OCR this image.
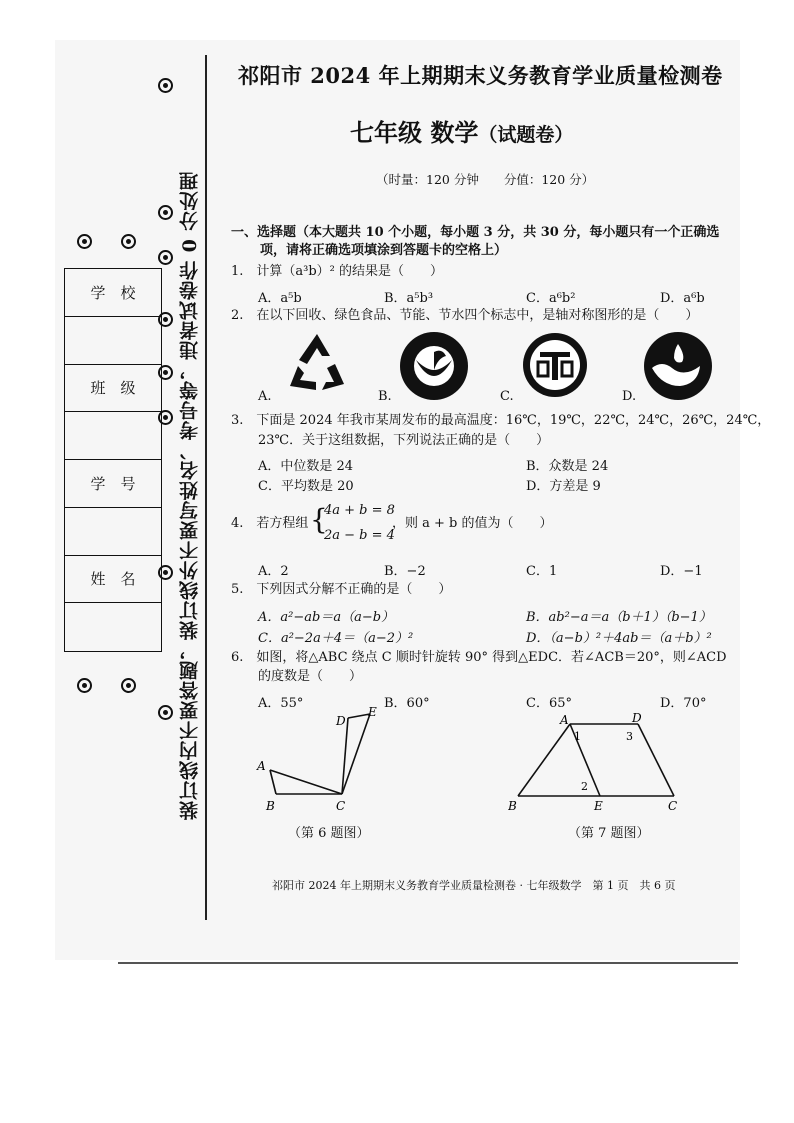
装订线内不要答题，装订线外不要写姓名、考号等，违者试卷作 0 分处理
学　校
班　级
学　号
姓　名
祁阳市 2024 年上期期末义务教育学业质量检测卷
七年级 数学（试题卷）
（时量：120 分钟　　分值：120 分）
一、选择题（本大题共 10 个小题，每小题 3 分，共 30 分，每小题只有一个正确选
项，请将正确选项填涂到答题卡的空格上）
1.　计算（a³b）² 的结果是（　　）
A．a⁵b	B．a⁵b³	C．a⁶b²	D．a⁶b
2.　在以下回收、绿色食品、节能、节水四个标志中，是轴对称图形的是（　　）
A.	B.	C.	D.
3.　下面是 2024 年我市某周发布的最高温度：16℃，19℃，22℃，24℃，26℃，24℃，
23℃．关于这组数据，下列说法正确的是（　　）
A．中位数是 24	B．众数是 24
C．平均数是 20	D．方差是 9
4.　若方程组 {
4a + b = 8
2a − b = 4
，则 a + b 的值为（　　）
A．2	B．−2	C．1	D．−1
5.　下列因式分解不正确的是（　　）
A．a²−ab＝a（a−b）	B．ab²−a＝a（b＋1）（b−1）
C．a²−2a＋4＝（a−2）²	D．（a−b）²＋4ab＝（a＋b）²
6.　如图，将△ABC 绕点 C 顺时针旋转 90° 得到△EDC．若∠ACB＝20°，则∠ACD
的度数是（　　）
A．55°	B．60°	C．65°	D．70°
D
E
A
B	C
（第 6 题图）
A	D
1	3
2
B	E	C
（第 7 题图）
祁阳市 2024 年上期期末义务教育学业质量检测卷 · 七年级数学　第 1 页　共 6 页
